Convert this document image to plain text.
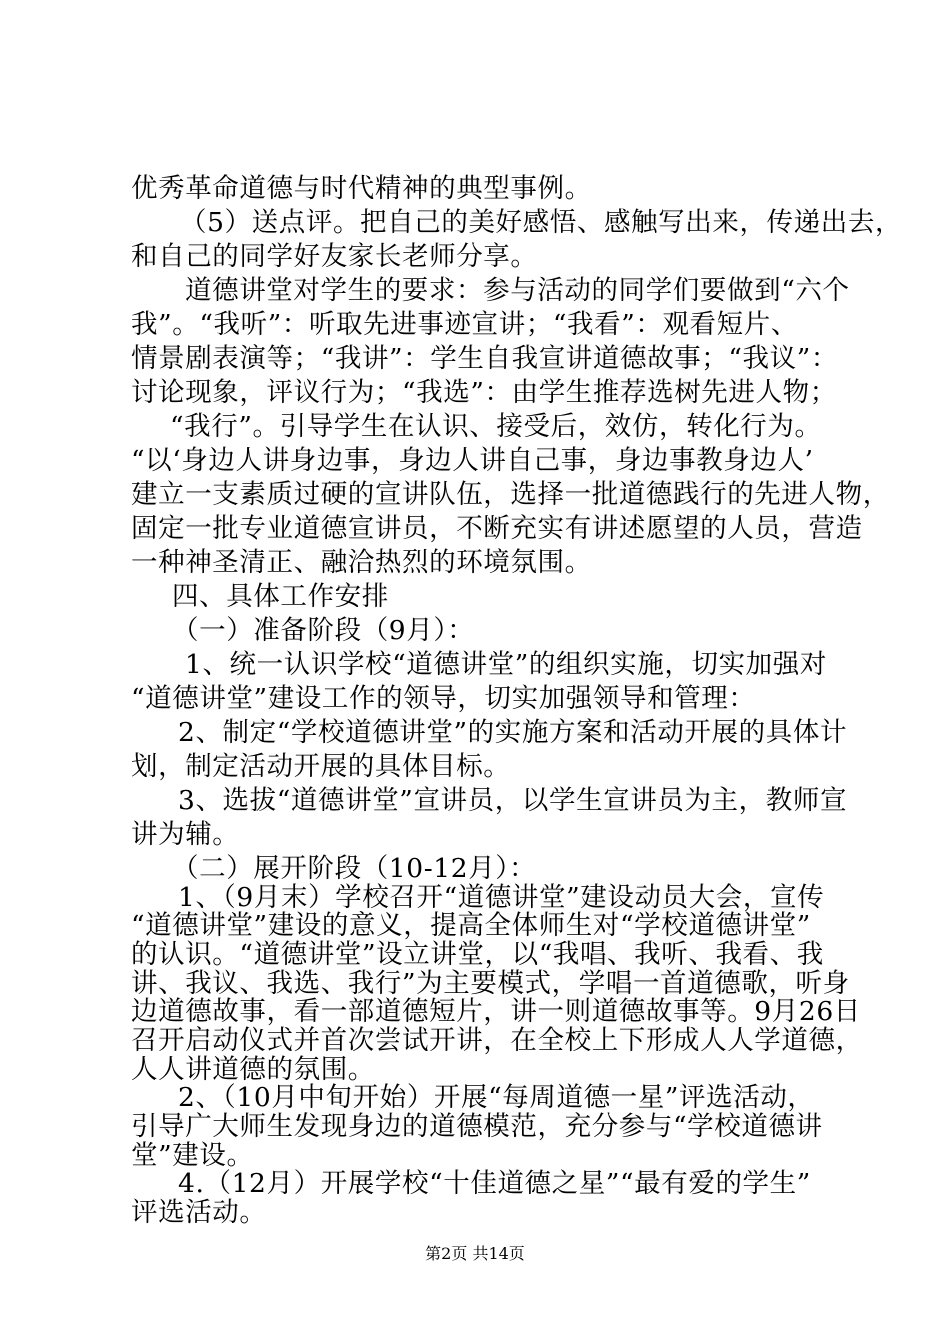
优秀革命道德与时代精神的典型事例。
（5）送点评。把自己的美好感悟、感触写出来，传递出去，
和自己的同学好友家长老师分享。
道德讲堂对学生的要求：参与活动的同学们要做到“六个
我”。“我听”：听取先进事迹宣讲；“我看”：观看短片、
情景剧表演等；“我讲”：学生自我宣讲道德故事；“我议”：
讨论现象，评议行为；“我选”：由学生推荐选树先进人物；
“我行”。引导学生在认识、接受后，效仿，转化行为。
“以‘身边人讲身边事，身边人讲自己事，身边事教身边人’
建立一支素质过硬的宣讲队伍，选择一批道德践行的先进人物，
固定一批专业道德宣讲员，不断充实有讲述愿望的人员，营造
一种神圣清正、融洽热烈的环境氛围。
四、具体工作安排
（一）准备阶段（9月）：
1、统一认识学校“道德讲堂”的组织实施，切实加强对
“道德讲堂”建设工作的领导，切实加强领导和管理：
2、制定“学校道德讲堂”的实施方案和活动开展的具体计
划，制定活动开展的具体目标。
3、选拔“道德讲堂”宣讲员，以学生宣讲员为主，教师宣
讲为辅。
（二）展开阶段（10-12月）：
1、（9月末）学校召开“道德讲堂”建设动员大会，宣传
“道德讲堂”建设的意义，提高全体师生对“学校道德讲堂”
的认识。“道德讲堂”设立讲堂，以“我唱、我听、我看、我
讲、我议、我选、我行”为主要模式，学唱一首道德歌，听身
边道德故事，看一部道德短片，讲一则道德故事等。9月26日
召开启动仪式并首次尝试开讲，在全校上下形成人人学道德，
人人讲道德的氛围。
2、（10月中旬开始）开展“每周道德一星”评选活动，
引导广大师生发现身边的道德模范，充分参与“学校道德讲
堂”建设。
第2页 共14页
4.（12月）开展学校“十佳道德之星”“最有爱的学生”
评选活动。
